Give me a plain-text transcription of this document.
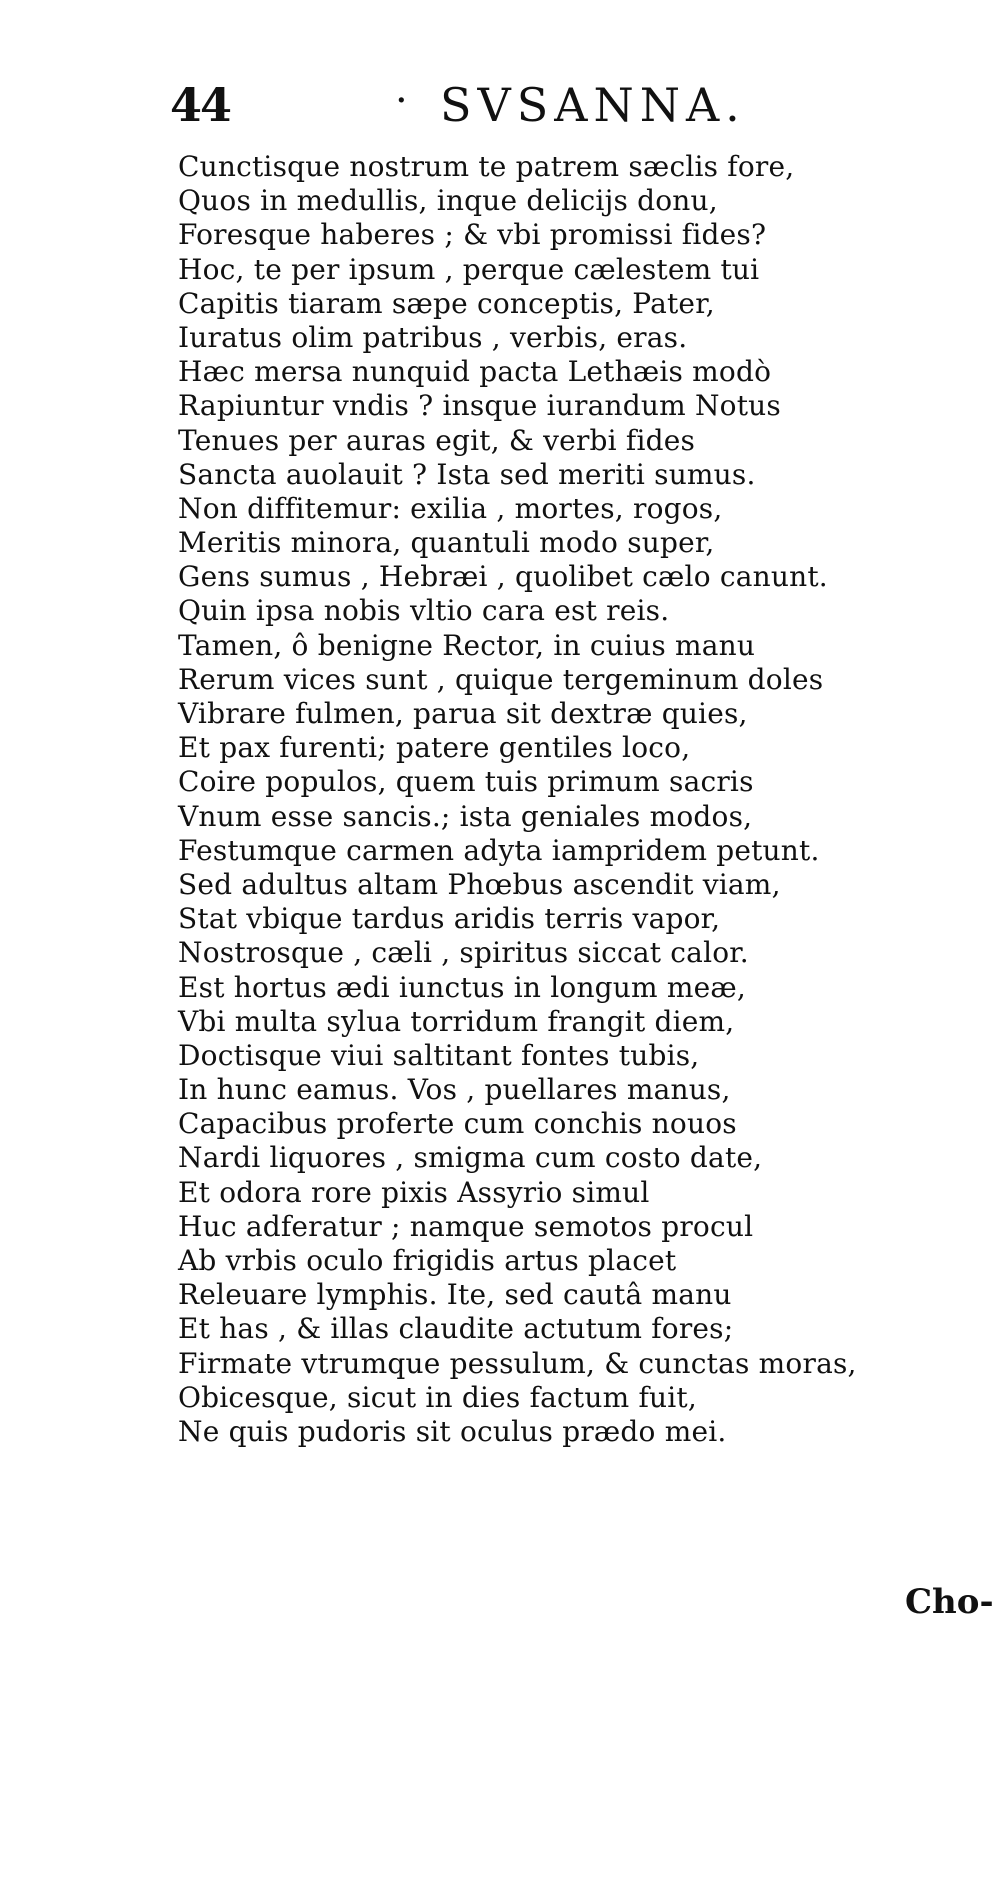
44	· SVSANNA.
Cunctisque nostrum te patrem sæclis fore,
Quos in medullis, inque delicijs donu,
Foresque haberes ; & vbi promissi fides?
Hoc, te per ipsum , perque cælestem tui
Capitis tiaram sæpe conceptis, Pater,
Iuratus olim patribus , verbis, eras.
Hæc mersa nunquid pacta Lethæis modò
Rapiuntur vndis ? insque iurandum Notus
Tenues per auras egit, & verbi fides
Sancta auolauit ? Ista sed meriti sumus.
Non diffitemur: exilia , mortes, rogos,
Meritis minora, quantuli modo super,
Gens sumus , Hebræi , quolibet cælo canunt.
Quin ipsa nobis vltio cara est reis.
Tamen, ô benigne Rector, in cuius manu
Rerum vices sunt , quique tergeminum doles
Vibrare fulmen, parua sit dextræ quies,
Et pax furenti; patere gentiles loco,
Coire populos, quem tuis primum sacris
Vnum esse sancis.; ista geniales modos,
Festumque carmen adyta iampridem petunt.
Sed adultus altam Phœbus ascendit viam,
Stat vbique tardus aridis terris vapor,
Nostrosque , cæli , spiritus siccat calor.
Est hortus ædi iunctus in longum meæ,
Vbi multa sylua torridum frangit diem,
Doctisque viui saltitant fontes tubis,
In hunc eamus. Vos , puellares manus,
Capacibus proferte cum conchis nouos
Nardi liquores , smigma cum costo date,
Et odora rore pixis Assyrio simul
Huc adferatur ; namque semotos procul
Ab vrbis oculo frigidis artus placet
Releuare lymphis. Ite, sed cautâ manu
Et has , & illas claudite actutum fores;
Firmate vtrumque pessulum, & cunctas moras,
Obicesque, sicut in dies factum fuit,
Ne quis pudoris sit oculus prædo mei.
Cho-
